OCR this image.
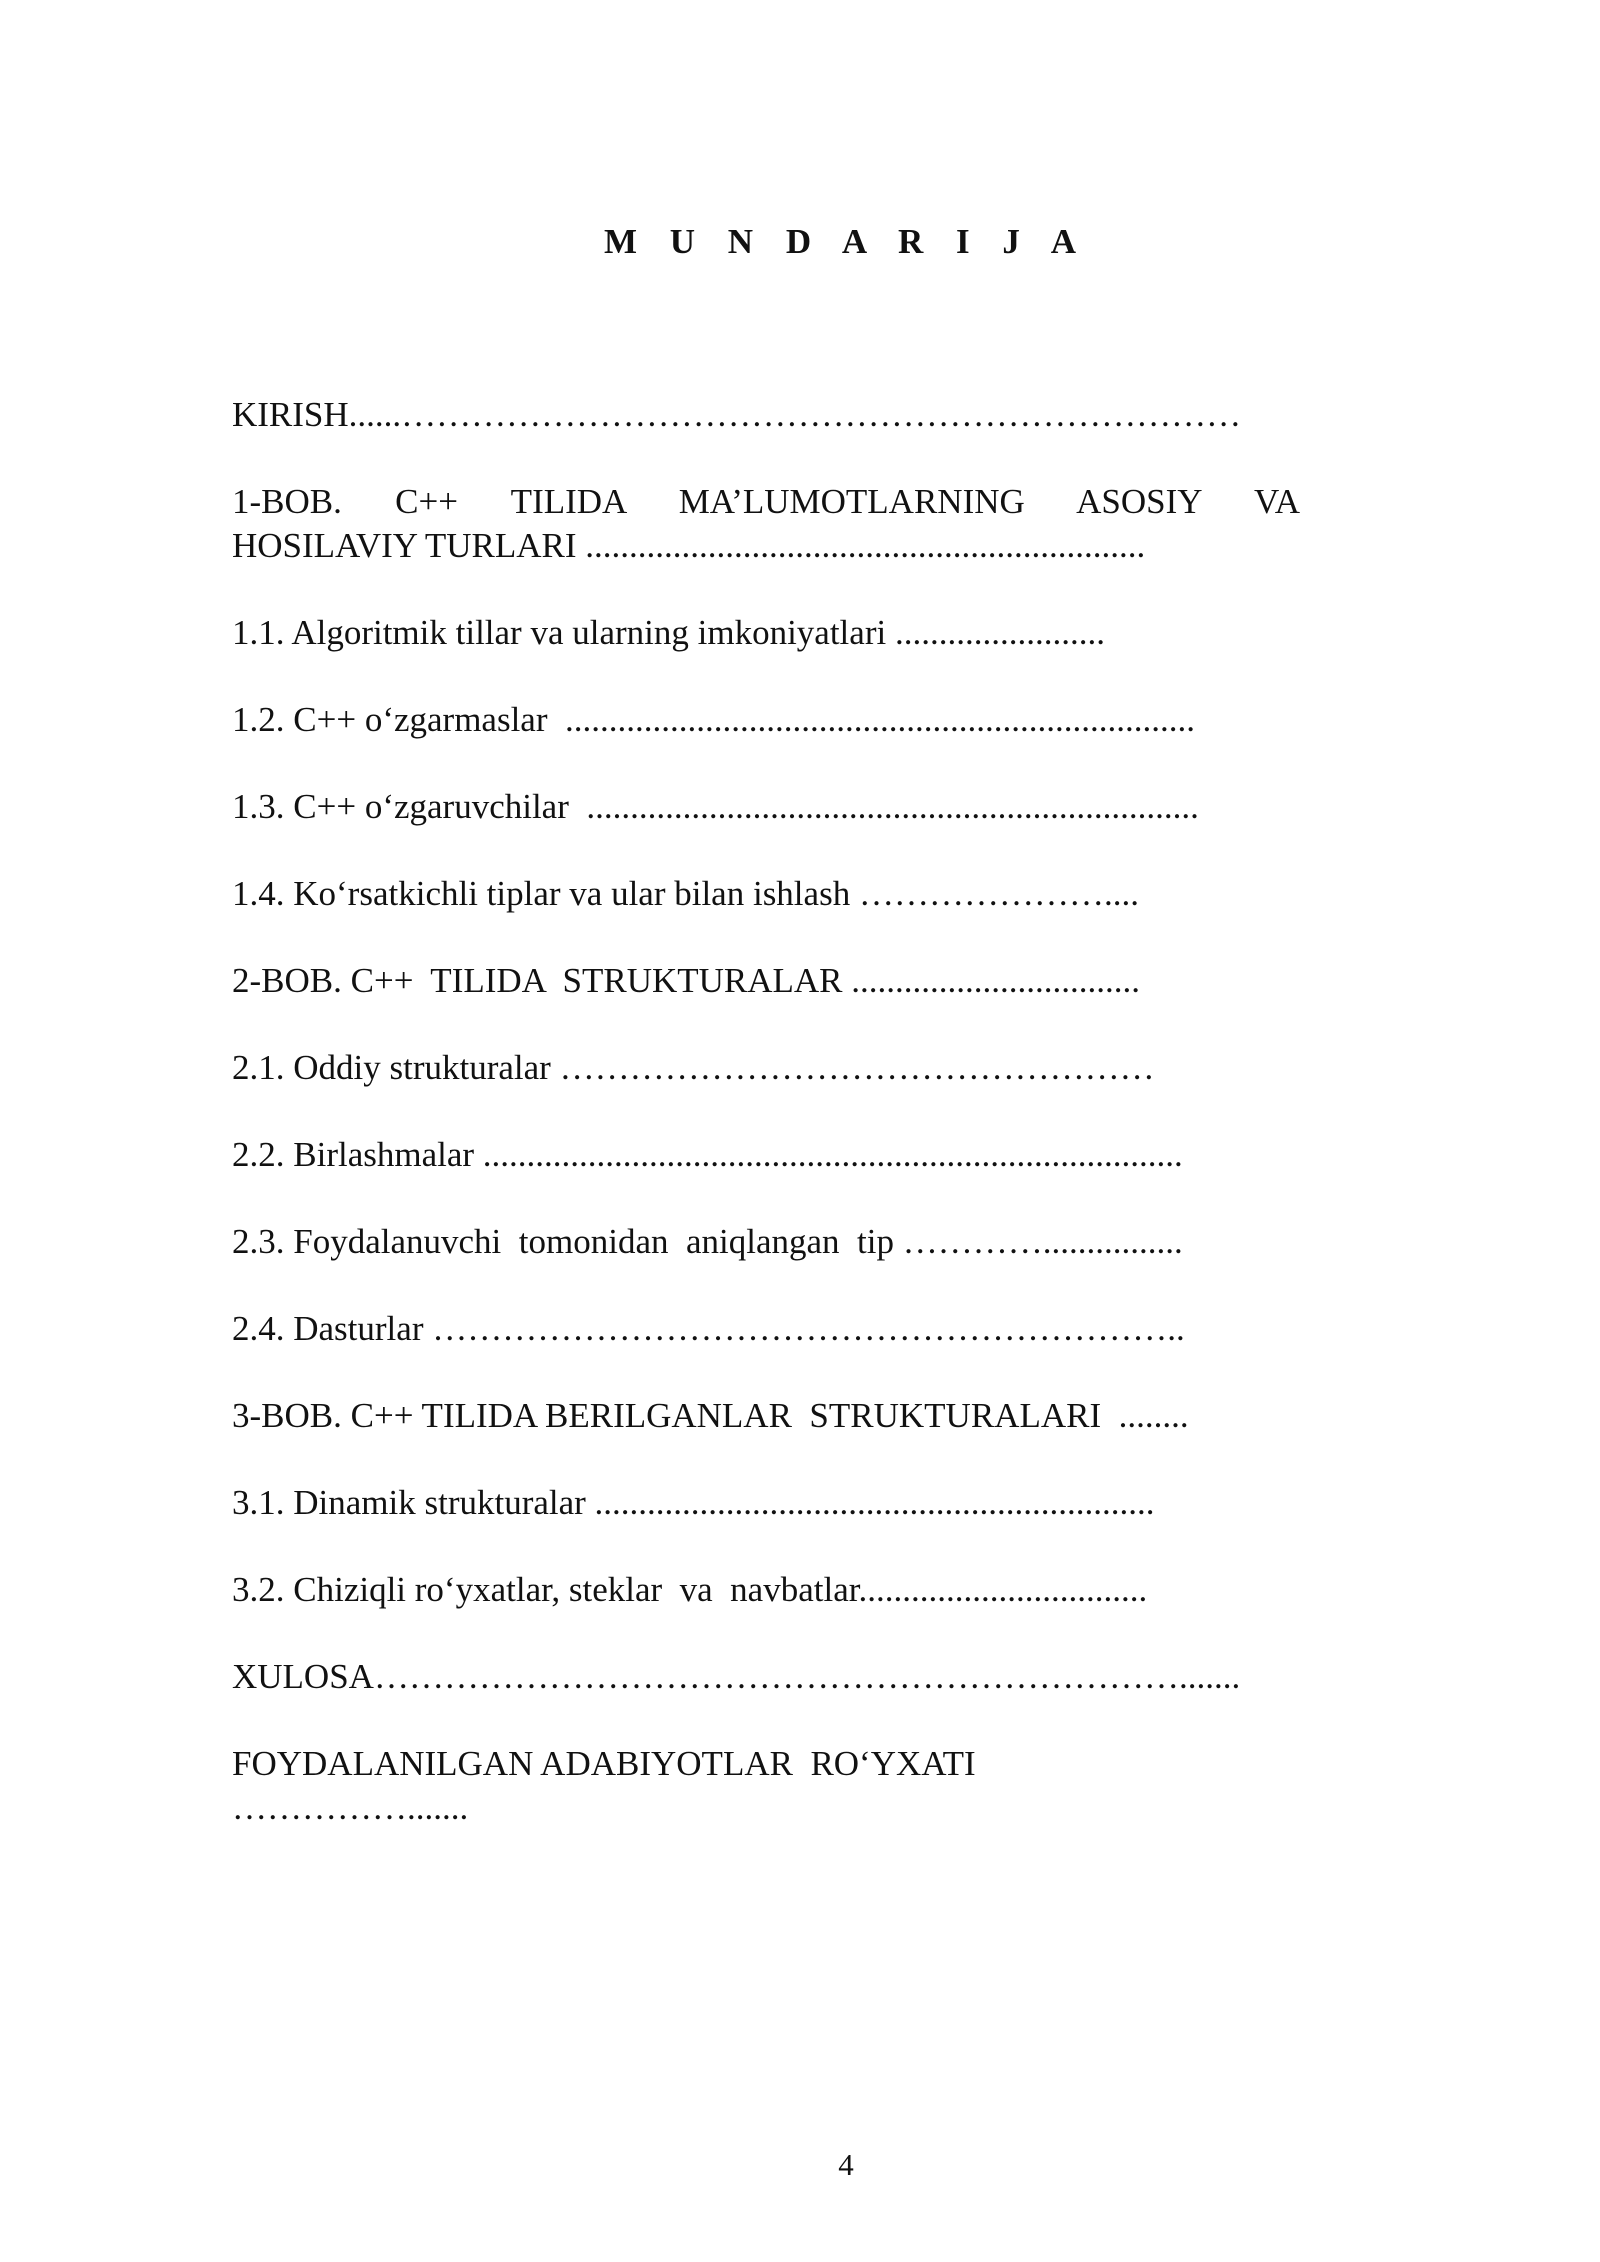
M U N D A R I J A
KIRISH......………………………………………………………………
1-BOB.  C++  TILIDA  MA’LUMOTLARNING  ASOSIY  VA
HOSILAVIY TURLARI ................................................................
1.1. Algoritmik tillar va ularning imkoniyatlari ........................
1.2. C++ o‘zgarmaslar  ........................................................................
1.3. C++ o‘zgaruvchilar  ......................................................................
1.4. Ko‘rsatkichli tiplar va ular bilan ishlash …………………....
2-BOB. C++  TILIDA  STRUKTURALAR .................................
2.1. Oddiy strukturalar ……………………………………………
2.2. Birlashmalar ................................................................................
2.3. Foydalanuvchi  tomonidan  aniqlangan  tip …………................
2.4. Dasturlar ………………………………………………………..
3-BOB. C++ TILIDA BERILGANLAR  STRUKTURALARI  ........
3.1. Dinamik strukturalar ................................................................
3.2. Chiziqli ro‘yxatlar, steklar  va  navbatlar.................................
XULOSA…………………………………………………………….......
FOYDALANILGAN ADABIYOTLAR  RO‘YXATI
…………….......
4
